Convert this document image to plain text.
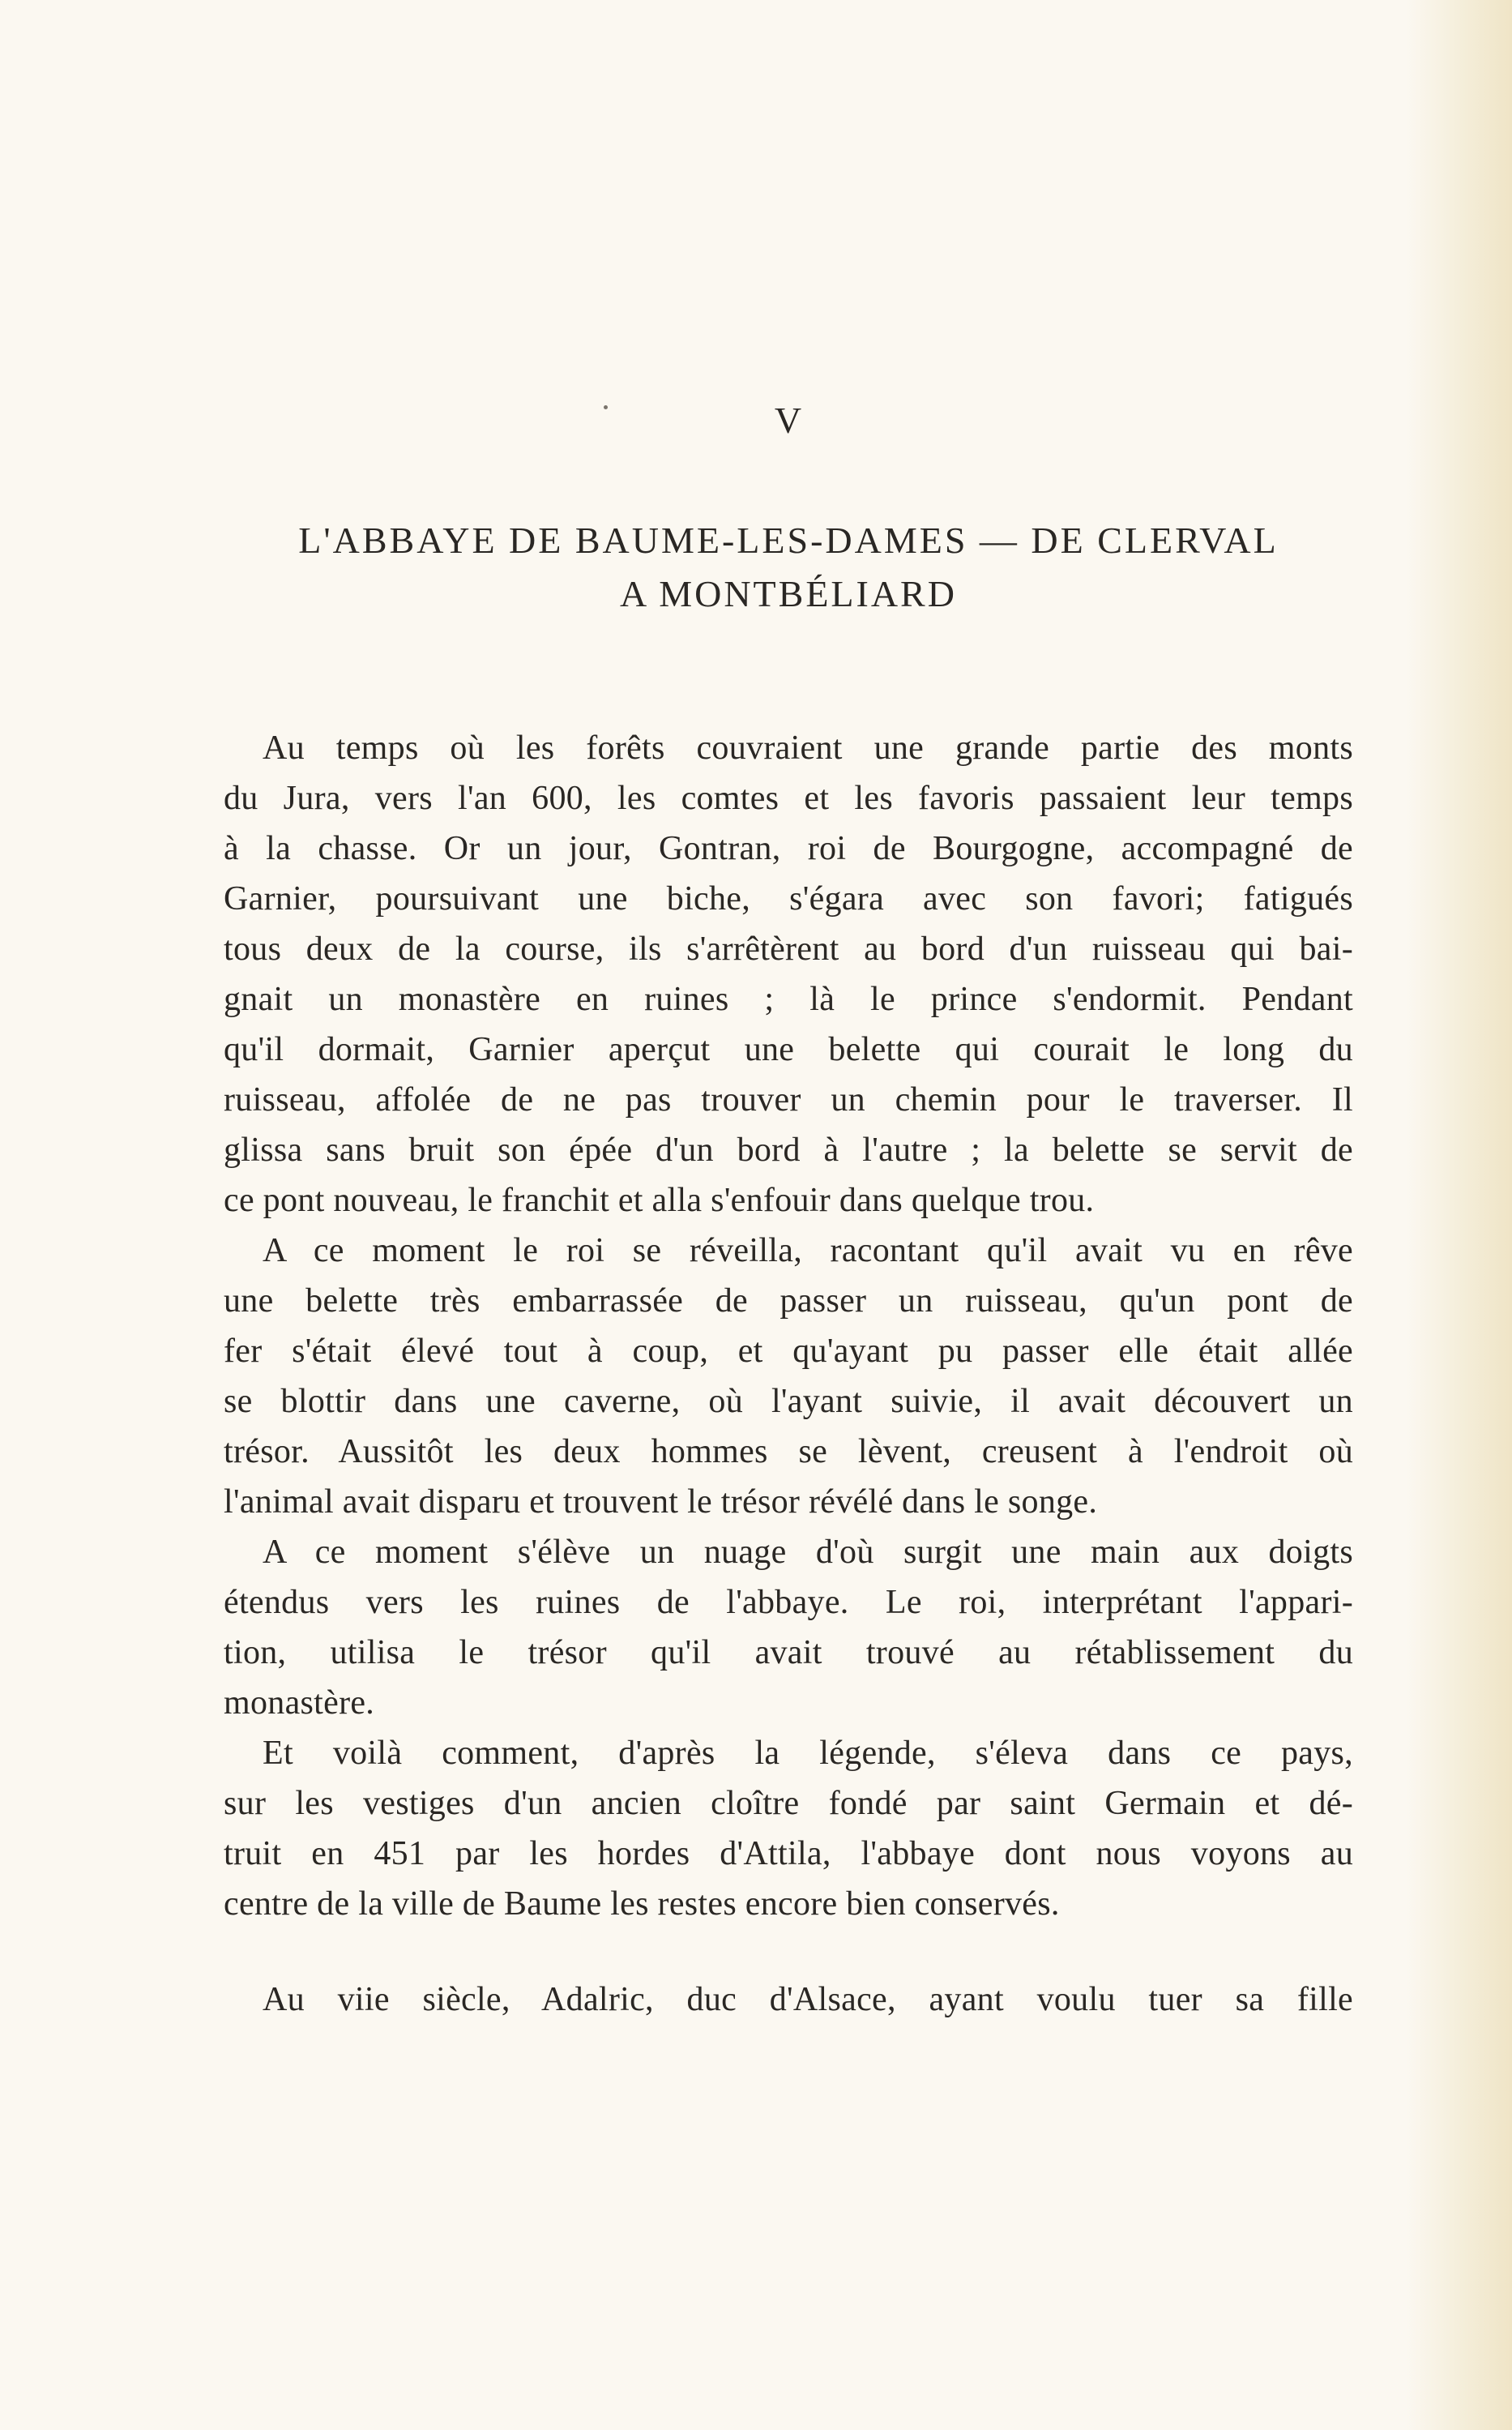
V
L'ABBAYE DE BAUME-LES-DAMES — DE CLERVAL
A MONTBÉLIARD
Au temps où les forêts couvraient une grande partie des monts
du Jura, vers l'an 600, les comtes et les favoris passaient leur temps
à la chasse. Or un jour, Gontran, roi de Bourgogne, accompagné de
Garnier, poursuivant une biche, s'égara avec son favori; fatigués
tous deux de la course, ils s'arrêtèrent au bord d'un ruisseau qui bai-
gnait un monastère en ruines ; là le prince s'endormit. Pendant
qu'il dormait, Garnier aperçut une belette qui courait le long du
ruisseau, affolée de ne pas trouver un chemin pour le traverser. Il
glissa sans bruit son épée d'un bord à l'autre ; la belette se servit de
ce pont nouveau, le franchit et alla s'enfouir dans quelque trou.
A ce moment le roi se réveilla, racontant qu'il avait vu en rêve
une belette très embarrassée de passer un ruisseau, qu'un pont de
fer s'était élevé tout à coup, et qu'ayant pu passer elle était allée
se blottir dans une caverne, où l'ayant suivie, il avait découvert un
trésor. Aussitôt les deux hommes se lèvent, creusent à l'endroit où
l'animal avait disparu et trouvent le trésor révélé dans le songe.
A ce moment s'élève un nuage d'où surgit une main aux doigts
étendus vers les ruines de l'abbaye. Le roi, interprétant l'appari-
tion, utilisa le trésor qu'il avait trouvé au rétablissement du
monastère.
Et voilà comment, d'après la légende, s'éleva dans ce pays,
sur les vestiges d'un ancien cloître fondé par saint Germain et dé-
truit en 451 par les hordes d'Attila, l'abbaye dont nous voyons au
centre de la ville de Baume les restes encore bien conservés.
Au viie siècle, Adalric, duc d'Alsace, ayant voulu tuer sa fille
